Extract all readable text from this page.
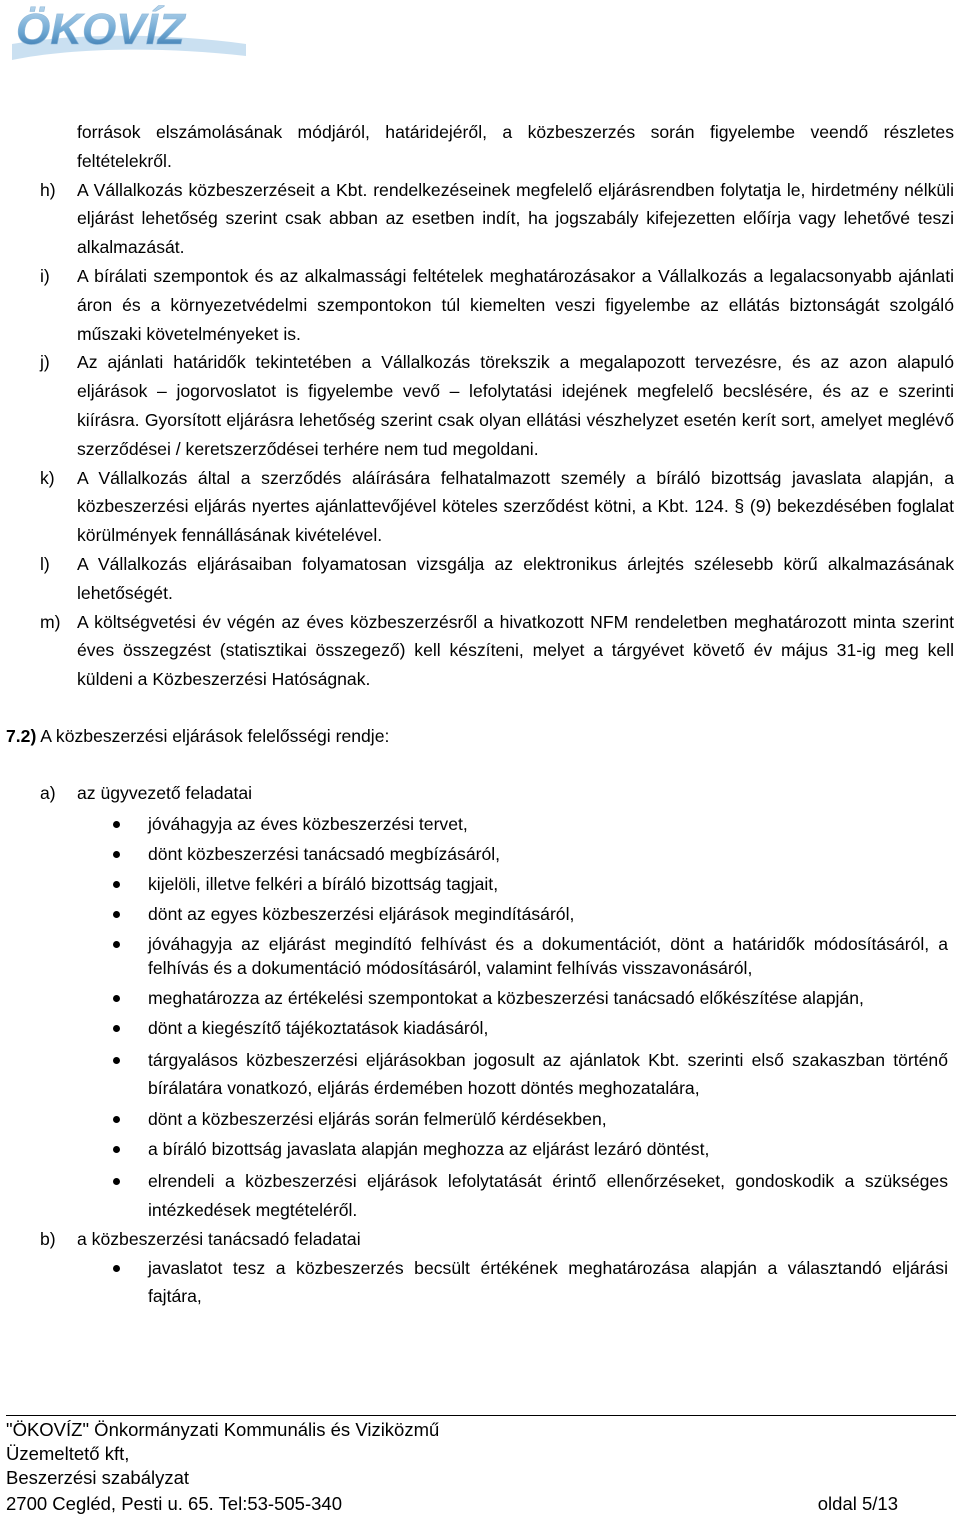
ÖKOVÍZ
források elszámolásának módjáról, határidejéről, a közbeszerzés során figyelembe veendő részletes feltételekről.
h) A Vállalkozás közbeszerzéseit a Kbt. rendelkezéseinek megfelelő eljárásrendben folytatja le, hirdetmény nélküli eljárást lehetőség szerint csak abban az esetben indít, ha jogszabály kifejezetten előírja vagy lehetővé teszi alkalmazását.
i) A bírálati szempontok és az alkalmassági feltételek meghatározásakor a Vállalkozás a legalacsonyabb ajánlati áron és a környezetvédelmi szempontokon túl kiemelten veszi figyelembe az ellátás biztonságát szolgáló műszaki követelményeket is.
j) Az ajánlati határidők tekintetében a Vállalkozás törekszik a megalapozott tervezésre, és az azon alapuló eljárások – jogorvoslatot is figyelembe vevő – lefolytatási idejének megfelelő becslésére, és az e szerinti kiírásra. Gyorsított eljárásra lehetőség szerint csak olyan ellátási vészhelyzet esetén kerít sort, amelyet meglévő szerződései / keretszerződései terhére nem tud megoldani.
k) A Vállalkozás által a szerződés aláírására felhatalmazott személy a bíráló bizottság javaslata alapján, a közbeszerzési eljárás nyertes ajánlattevőjével köteles szerződést kötni, a Kbt. 124. § (9) bekezdésében foglalat körülmények fennállásának kivételével.
l) A Vállalkozás eljárásaiban folyamatosan vizsgálja az elektronikus árlejtés szélesebb körű alkalmazásának lehetőségét.
m) A költségvetési év végén az éves közbeszerzésről a hivatkozott NFM rendeletben meghatározott minta szerint éves összegzést (statisztikai összegező) kell készíteni, melyet a tárgyévet követő év május 31-ig meg kell küldeni a Közbeszerzési Hatóságnak.
7.2) A közbeszerzési eljárások felelősségi rendje:
a) az ügyvezető feladatai
jóváhagyja az éves közbeszerzési tervet,
dönt közbeszerzési tanácsadó megbízásáról,
kijelöli, illetve felkéri a bíráló bizottság tagjait,
dönt az egyes közbeszerzési eljárások megindításáról,
jóváhagyja az eljárást megindító felhívást és a dokumentációt, dönt a határidők módosításáról, a felhívás és a dokumentáció módosításáról, valamint felhívás visszavonásáról,
meghatározza az értékelési szempontokat a közbeszerzési tanácsadó előkészítése alapján,
dönt a kiegészítő tájékoztatások kiadásáról,
tárgyalásos közbeszerzési eljárásokban jogosult az ajánlatok Kbt. szerinti első szakaszban történő bírálatára vonatkozó, eljárás érdemében hozott döntés meghozatalára,
dönt a közbeszerzési eljárás során felmerülő kérdésekben,
a bíráló bizottság javaslata alapján meghozza az eljárást lezáró döntést,
elrendeli a közbeszerzési eljárások lefolytatását érintő ellenőrzéseket, gondoskodik a szükséges intézkedések megtételéről.
b) a közbeszerzési tanácsadó feladatai
javaslatot tesz a közbeszerzés becsült értékének meghatározása alapján a választandó eljárási fajtára,
"ÖKOVÍZ" Önkormányzati Kommunális és Viziközmű
Üzemeltető kft,
Beszerzési szabályzat
2700 Cegléd, Pesti u. 65. Tel:53-505-340	oldal 5/13
